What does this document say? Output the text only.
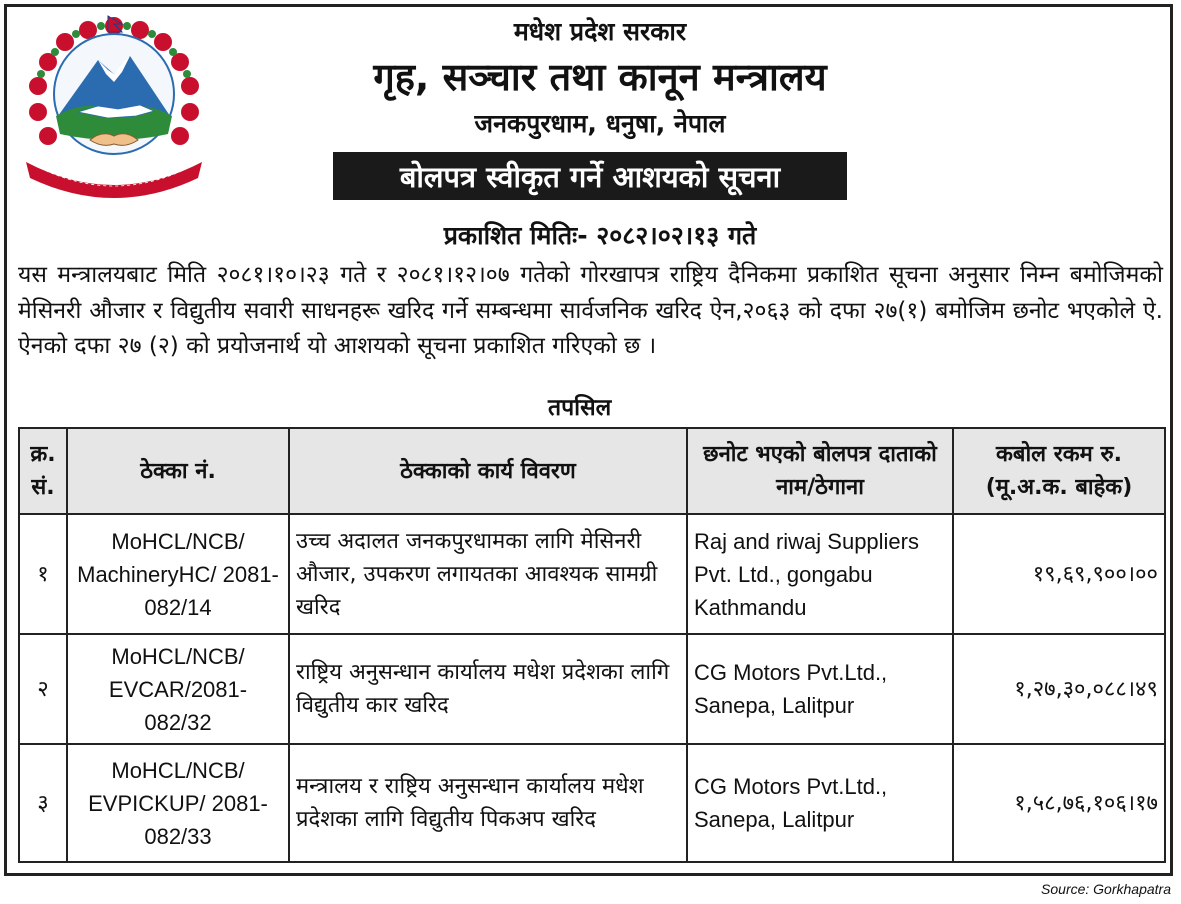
मधेश प्रदेश सरकार
गृह, सञ्चार तथा कानून मन्त्रालय
जनकपुरधाम, धनुषा, नेपाल
बोलपत्र स्वीकृत गर्ने आशयको सूचना
प्रकाशित मितिः- २०८२।०२।१३ गते
यस मन्त्रालयबाट मिति २०८१।१०।२३ गते र २०८१।१२।०७ गतेको गोरखापत्र राष्ट्रिय दैनिकमा प्रकाशित सूचना अनुसार निम्न बमोजिमको मेसिनरी औजार र विद्युतीय सवारी साधनहरू खरिद गर्ने सम्बन्धमा सार्वजनिक खरिद ऐन,२०६३ को दफा २७(१) बमोजिम छनोट भएकोले ऐ. ऐनको दफा २७ (२) को प्रयोजनार्थ यो आशयको सूचना प्रकाशित गरिएको छ ।
तपसिल
क्र. सं.	ठेक्का नं.	ठेक्काको कार्य विवरण	छनोट भएको बोलपत्र दाताको नाम/ठेगाना	कबोल रकम रु. (मू.अ.क. बाहेक)
१	MoHCL/NCB/ MachineryHC/ 2081-082/14	उच्च अदालत जनकपुरधामका लागि मेसिनरी औजार, उपकरण लगायतका आवश्यक सामग्री खरिद	Raj and riwaj Suppliers Pvt. Ltd., gongabu Kathmandu	१९,६९,९००।००
२	MoHCL/NCB/ EVCAR/2081- 082/32	राष्ट्रिय अनुसन्धान कार्यालय मधेश प्रदेशका लागि विद्युतीय कार खरिद	CG Motors Pvt.Ltd., Sanepa, Lalitpur	१,२७,३०,०८८।४९
३	MoHCL/NCB/ EVPICKUP/ 2081-082/33	मन्त्रालय र राष्ट्रिय अनुसन्धान कार्यालय मधेश प्रदेशका लागि विद्युतीय पिकअप खरिद	CG Motors Pvt.Ltd., Sanepa, Lalitpur	१,५८,७६,१०६।१७
Source: Gorkhapatra
